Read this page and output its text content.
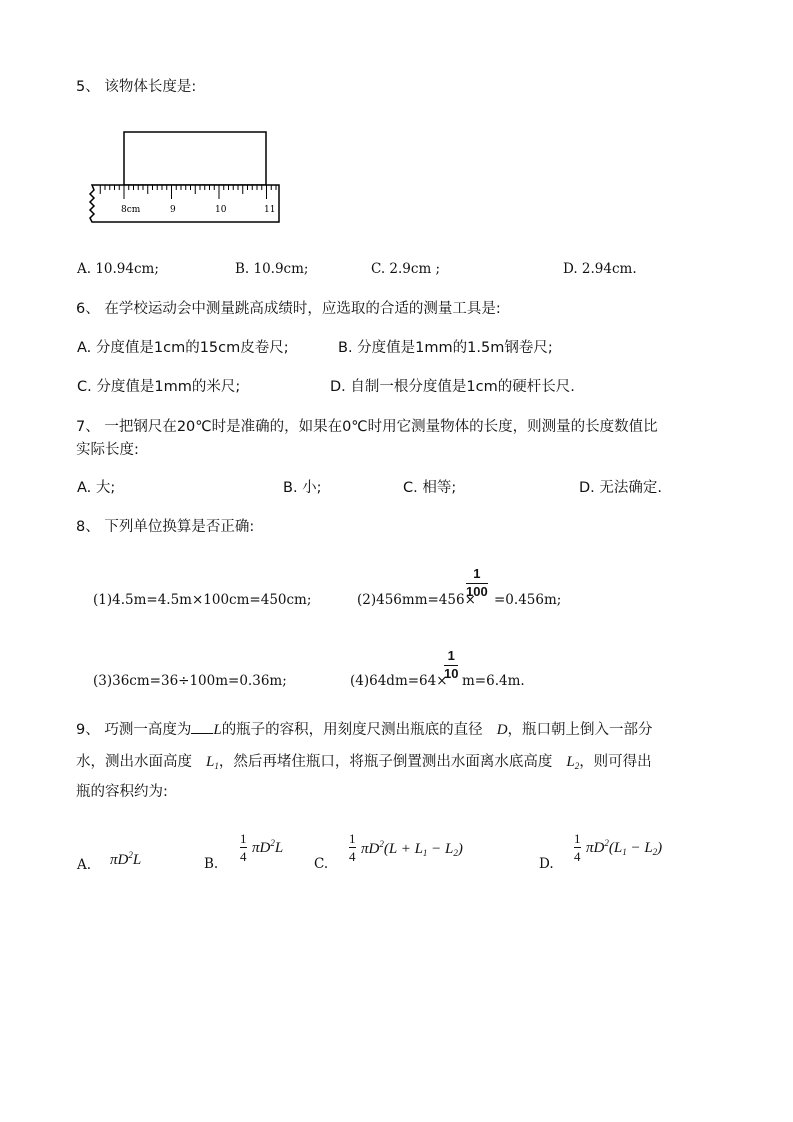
5、 该物体长度是:
8cm	9	10	11
A. 10.94cm;	B. 10.9cm;	C. 2.9cm ;	D. 2.94cm.
6、 在学校运动会中测量跳高成绩时，应选取的合适的测量工具是:
A. 分度值是1cm的15cm皮卷尺;	B. 分度值是1mm的1.5m钢卷尺;
C. 分度值是1mm的米尺;	D. 自制一根分度值是1cm的硬杆长尺.
7、 一把钢尺在20℃时是准确的，如果在0℃时用它测量物体的长度，则测量的长度数值比
实际长度:
A. 大;	B. 小;	C. 相等;	D. 无法确定.
8、 下列单位换算是否正确:
(1)4.5m=4.5m×100cm=450cm;	(2)456mm=456×
1
100
=0.456m;
(3)36cm=36÷100m=0.36m;	(4)64dm=64×
1
10 m=6.4m.
9、 巧测一高度为 L的瓶子的容积，用刻度尺测出瓶底的直径 D，瓶口朝上倒入一部分
水，测出水面高度 $L_1$，然后再堵住瓶口，将瓶子倒置测出水面离水底高度 $L_2$，则可得出
瓶的容积约为:
A. $\pi D^2L$	B.
1
4
$\pi D^2L$
C.
1
4 $\pi D^2(L + L_1 - L_2)$
D.
1
4
$\pi D^2(L_1 - L_2)$
